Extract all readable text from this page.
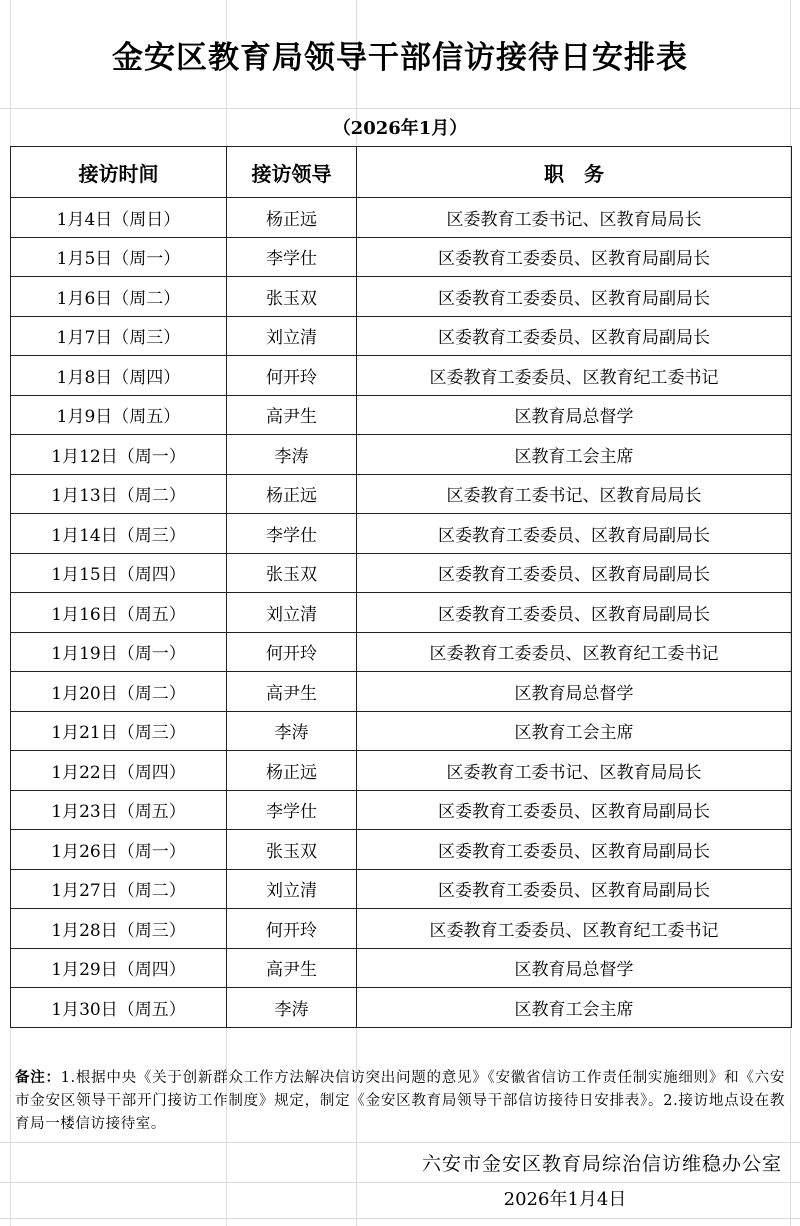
金安区教育局领导干部信访接待日安排表
（2026年1月）
接访时间	接访领导	职　务
1月4日（周日）	杨正远	区委教育工委书记、区教育局局长
1月5日（周一）	李学仕	区委教育工委委员、区教育局副局长
1月6日（周二）	张玉双	区委教育工委委员、区教育局副局长
1月7日（周三）	刘立清	区委教育工委委员、区教育局副局长
1月8日（周四）	何开玲	区委教育工委委员、区教育纪工委书记
1月9日（周五）	高尹生	区教育局总督学
1月12日（周一）	李涛	区教育工会主席
1月13日（周二）	杨正远	区委教育工委书记、区教育局局长
1月14日（周三）	李学仕	区委教育工委委员、区教育局副局长
1月15日（周四）	张玉双	区委教育工委委员、区教育局副局长
1月16日（周五）	刘立清	区委教育工委委员、区教育局副局长
1月19日（周一）	何开玲	区委教育工委委员、区教育纪工委书记
1月20日（周二）	高尹生	区教育局总督学
1月21日（周三）	李涛	区教育工会主席
1月22日（周四）	杨正远	区委教育工委书记、区教育局局长
1月23日（周五）	李学仕	区委教育工委委员、区教育局副局长
1月26日（周一）	张玉双	区委教育工委委员、区教育局副局长
1月27日（周二）	刘立清	区委教育工委委员、区教育局副局长
1月28日（周三）	何开玲	区委教育工委委员、区教育纪工委书记
1月29日（周四）	高尹生	区教育局总督学
1月30日（周五）	李涛	区教育工会主席
备注：1.根据中央《关于创新群众工作方法解决信访突出问题的意见》《安徽省信访工作责任制实施细则》和《六安市金安区领导干部开门接访工作制度》规定，制定《金安区教育局领导干部信访接待日安排表》。2.接访地点设在教育局一楼信访接待室。
六安市金安区教育局综治信访维稳办公室
2026年1月4日
